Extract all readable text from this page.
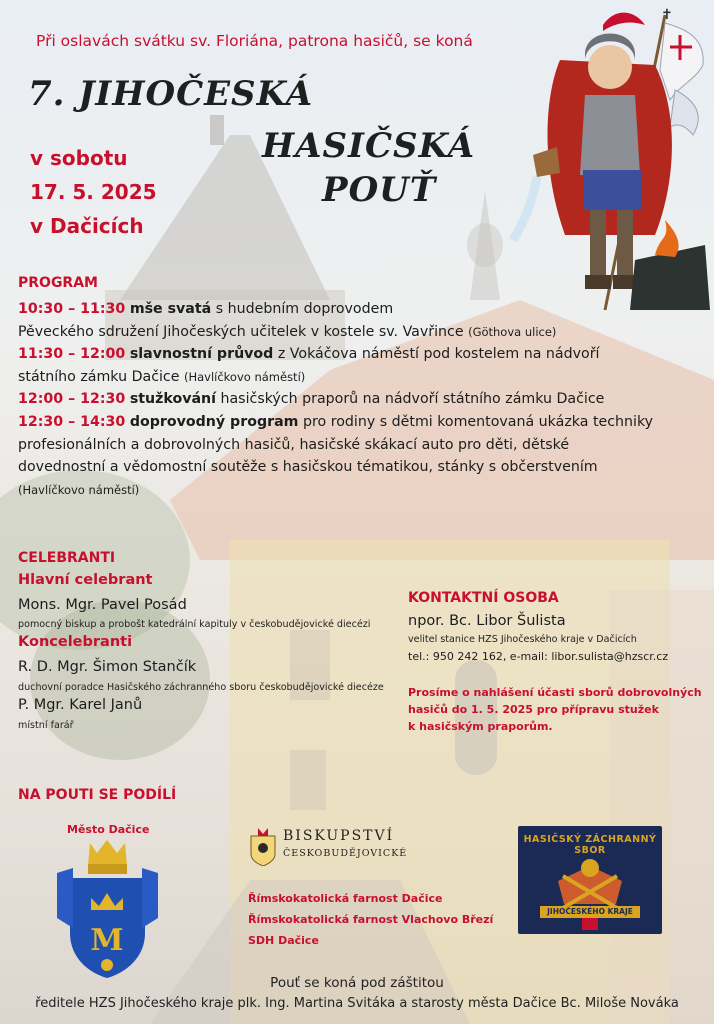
Při oslavách svátku sv. Floriána, patrona hasičů, se koná
7. JIHOČESKÁ
HASIČSKÁ
POUŤ
v sobotu
17. 5. 2025
v Dačicích
✝
PROGRAM

10:30 – 11:30 mše svatá s hudebním doprovodem

Pěveckého sdružení Jihočeských učitelek v kostele sv. Vavřince (Göthova ulice)

11:30 – 12:00 slavnostní průvod z Vokáčova náměstí pod kostelem na nádvoří

státního zámku Dačice (Havlíčkovo náměstí)

12:00 – 12:30 stužkování hasičských praporů na nádvoří státního zámku Dačice

12:30 – 14:30 doprovodný program pro rodiny s dětmi komentovaná ukázka techniky

profesionálních a dobrovolných hasičů, hasičské skákací auto pro děti, dětské

dovednostní a vědomostní soutěže s hasičskou tématikou, stánky s občerstvením

(Havlíčkovo náměstí)

CELEBRANTI
Hlavní celebrant
Mons. Mgr. Pavel Posád
pomocný biskup a probošt katedrální kapituly v českobudějovické diecézi
Koncelebranti
R. D. Mgr. Šimon Stančík
duchovní poradce Hasičského záchranného sboru českobudějovické diecéze
P. Mgr. Karel Janů
místní farář
KONTAKTNÍ OSOBA
npor. Bc. Libor Šulista
velitel stanice HZS Jihočeského kraje v Dačicích
tel.: 950 242 162, e-mail: libor.sulista@hzscr.cz
Prosíme o nahlášení účasti sborů dobrovolných
hasičů do 1. 5. 2025 pro přípravu stužek
k hasičským praporům.
NA POUTI SE PODÍLÍ
Město Dačice
M
BISKUPSTVÍ
ČESKOBUDĚJOVICKÉ
Římskokatolická farnost Dačice
Římskokatolická farnost Vlachovo Březí
SDH Dačice
HASIČSKÝ ZÁCHRANNÝ SBOR
JIHOČESKÉHO KRAJE
Pouť se koná pod záštitou
ředitele HZS Jihočeského kraje plk. Ing. Martina Svitáka a starosty města Dačice Bc. Miloše Nováka
